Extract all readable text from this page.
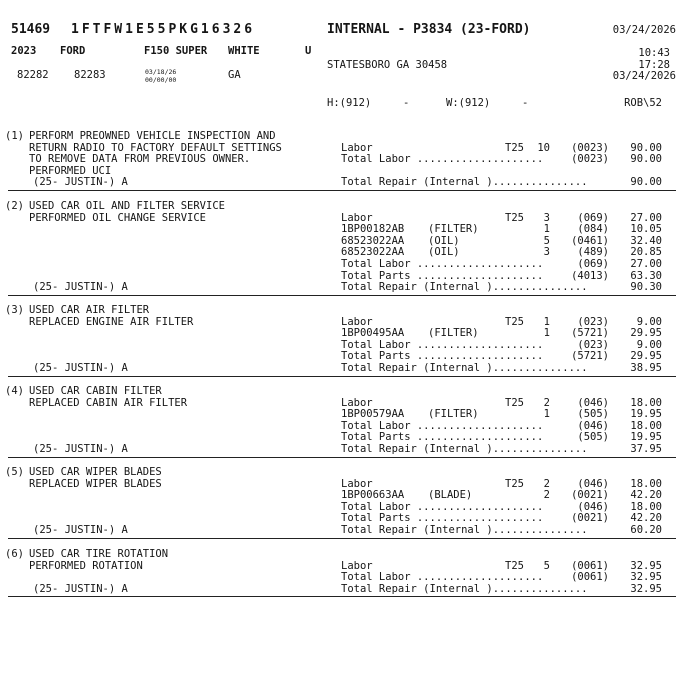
51469 1FTFW1E55PKG16326	INTERNAL - P3834 (23-FORD)	03/24/2026
2023 FORD	F150 SUPER WHITE	U	10:43
STATESBORO GA 30458	17:28
82282 82283	03/18/26
00/00/00	GA	03/24/2026
H:(912)	-	W:(912)	-	ROB\52
(1) PERFORM PREOWNED VEHICLE INSPECTION AND
RETURN RADIO TO FACTORY DEFAULT SETTINGS
TO REMOVE DATA FROM PREVIOUS OWNER.
PERFORMED UCI
(25- JUSTIN-) A
Labor	T25	10	(0023)	90.00
Total Labor ....................	(0023)	90.00
Total Repair (Internal )...............	90.00
(2) USED CAR OIL AND FILTER SERVICE
PERFORMED OIL CHANGE SERVICE
(25- JUSTIN-) A
Labor	T25	3	(069)	27.00
1BP00182AB (FILTER)	1	(084)	10.05
68523022AA (OIL)	5	(0461)	32.40
68523022AA (OIL)	3	(489)	20.85
Total Labor ....................	(069)	27.00
Total Parts ....................	(4013)	63.30
Total Repair (Internal )...............	90.30
(3) USED CAR AIR FILTER
REPLACED ENGINE AIR FILTER
(25- JUSTIN-) A
Labor	T25	1	(023)	9.00
1BP00495AA (FILTER)	1	(5721)	29.95
Total Labor ....................	(023)	9.00
Total Parts ....................	(5721)	29.95
Total Repair (Internal )...............	38.95
(4) USED CAR CABIN FILTER
REPLACED CABIN AIR FILTER
(25- JUSTIN-) A
Labor	T25	2	(046)	18.00
1BP00579AA (FILTER)	1	(505)	19.95
Total Labor ....................	(046)	18.00
Total Parts ....................	(505)	19.95
Total Repair (Internal )...............	37.95
(5) USED CAR WIPER BLADES
REPLACED WIPER BLADES
(25- JUSTIN-) A
Labor	T25	2	(046)	18.00
1BP00663AA (BLADE)	2	(0021)	42.20
Total Labor ....................	(046)	18.00
Total Parts ....................	(0021)	42.20
Total Repair (Internal )...............	60.20
(6) USED CAR TIRE ROTATION
PERFORMED ROTATION
(25- JUSTIN-) A
Labor	T25	5	(0061)	32.95
Total Labor ....................	(0061)	32.95
Total Repair (Internal )...............	32.95
